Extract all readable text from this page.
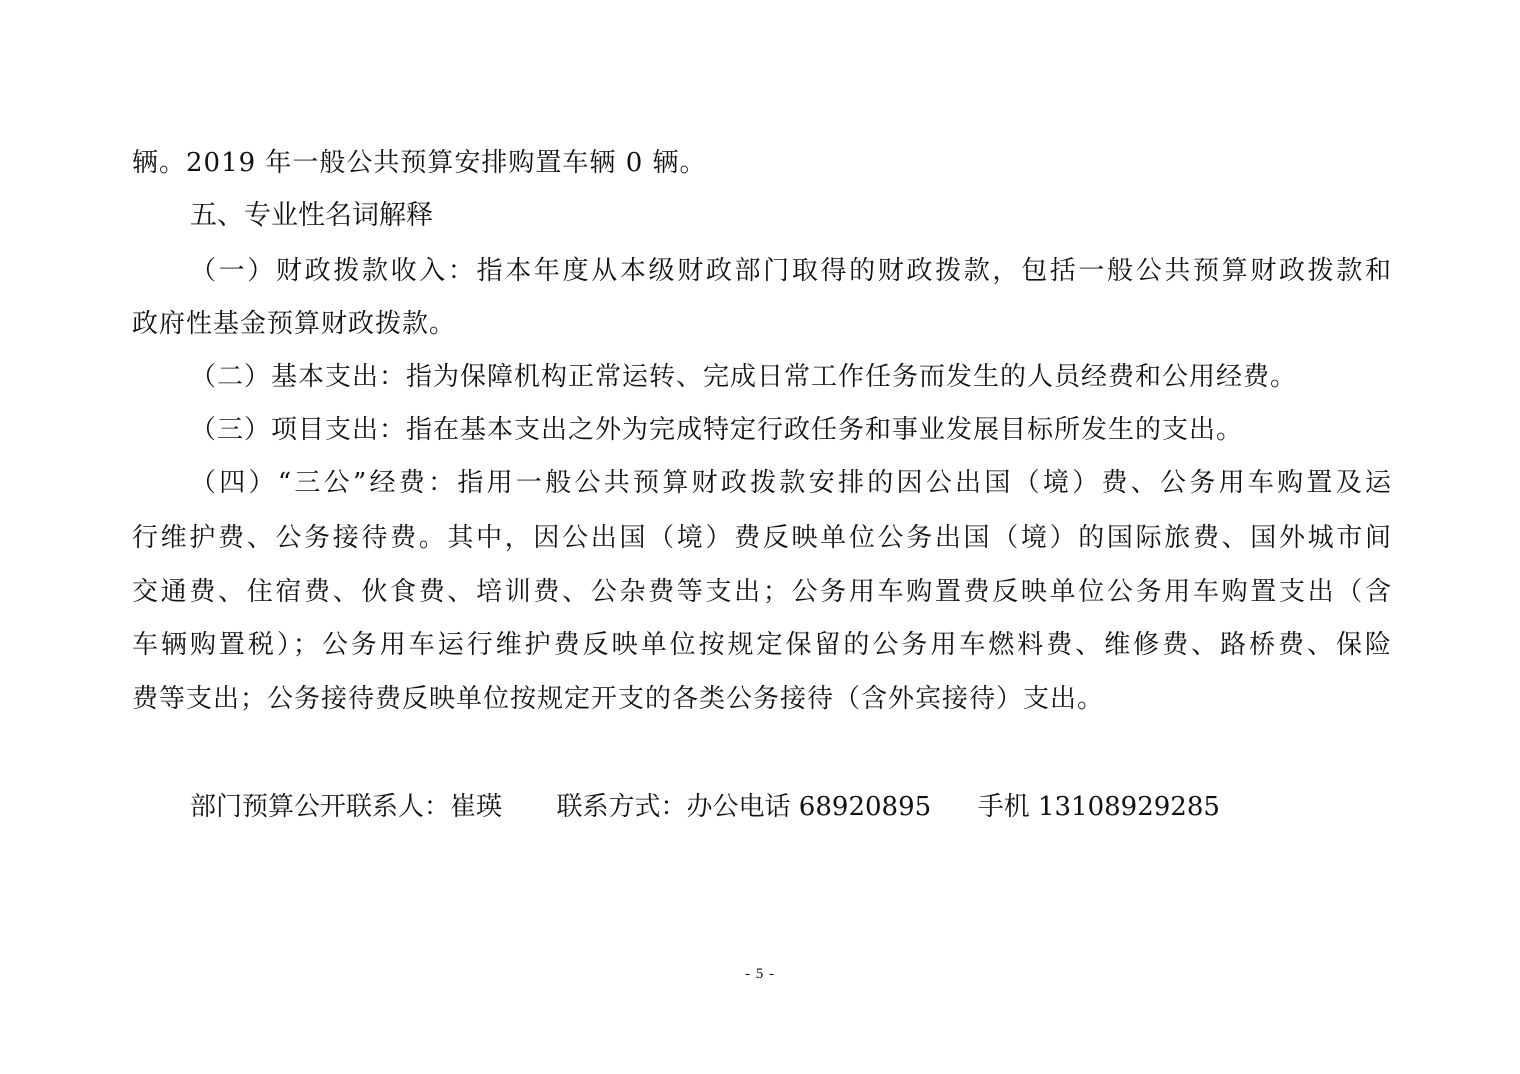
辆。2019 年一般公共预算安排购置车辆 0 辆。
五、专业性名词解释
（一）财政拨款收入：指本年度从本级财政部门取得的财政拨款，包括一般公共预算财政拨款和
政府性基金预算财政拨款。
（二）基本支出：指为保障机构正常运转、完成日常工作任务而发生的人员经费和公用经费。
（三）项目支出：指在基本支出之外为完成特定行政任务和事业发展目标所发生的支出。
（四）“三公”经费：指用一般公共预算财政拨款安排的因公出国（境）费、公务用车购置及运
行维护费、公务接待费。其中，因公出国（境）费反映单位公务出国（境）的国际旅费、国外城市间
交通费、住宿费、伙食费、培训费、公杂费等支出；公务用车购置费反映单位公务用车购置支出（含
车辆购置税）；公务用车运行维护费反映单位按规定保留的公务用车燃料费、维修费、路桥费、保险
费等支出；公务接待费反映单位按规定开支的各类公务接待（含外宾接待）支出。
部门预算公开联系人：崔瑛 联系方式：办公电话 68920895 手机 13108929285
- 5 -
